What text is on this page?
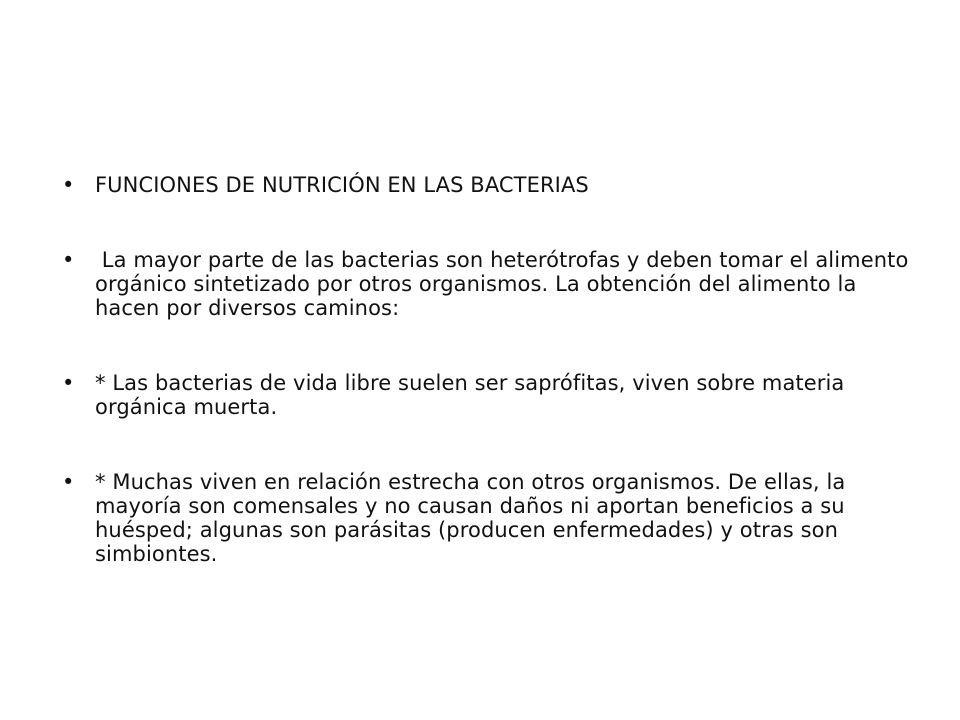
• FUNCIONES DE NUTRICIÓN EN LAS BACTERIAS
• La mayor parte de las bacterias son heterótrofas y deben tomar el alimento orgánico sintetizado por otros organismos. La obtención del alimento la hacen por diversos caminos:
• * Las bacterias de vida libre suelen ser saprófitas, viven sobre materia orgánica muerta.
• * Muchas viven en relación estrecha con otros organismos. De ellas, la mayoría son comensales y no causan daños ni aportan beneficios a su huésped; algunas son parásitas (producen enfermedades) y otras son simbiontes.
